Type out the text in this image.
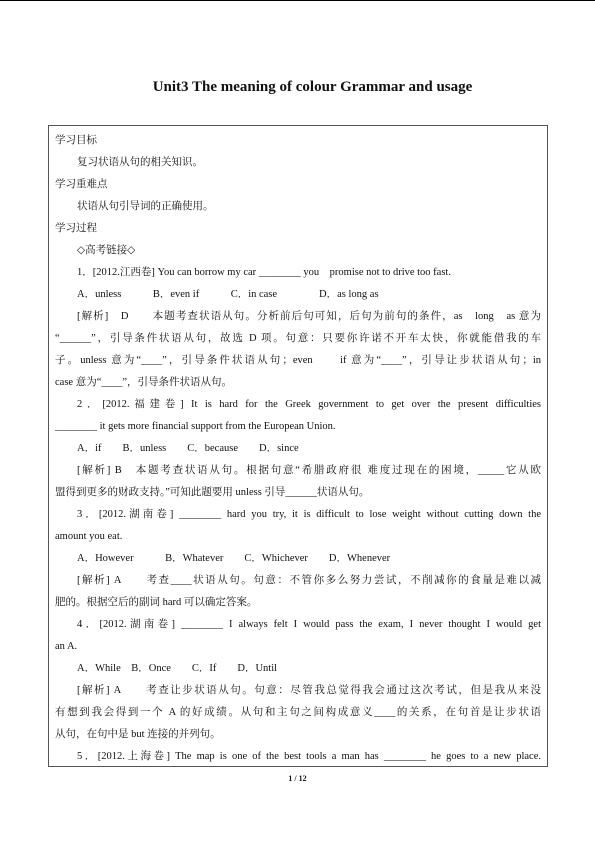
Unit3 The meaning of colour Grammar and usage
学习目标
复习状语从句的相关知识。
学习重难点
状语从句引导词的正确使用。
学习过程
◇高考链接◇
1．[2012.江西卷] You can borrow my car ________ you　promise not to drive too fast.
A．unless　　　B．even if　　　C．in case　　　　D．as long as
[解析]　D　　本题考查状语从句。分析前后句可知，后句为前句的条件，as　long　as 意为
“______”，引导条件状语从句，故选 D 项。句意：只要你许诺不开车太快，你就能借我的车
子。unless 意为“____”，引导条件状语从句；even　　if 意为“____”，引导让步状语从句；in
case 意为“____”，引导条件状语从句。
2．[2012.福建卷] It is hard for the Greek government to get over the present difficulties
________ it gets more financial support from the European Union.
A．if　　B．unless　　C．because　　D．since
[解析] B　本题考查状语从句。根据句意“希腊政府很 难度过现在的困境，_____它从欧
盟得到更多的财政支持。”可知此题要用 unless 引导______状语从句。
3．[2012.湖南卷] ________ hard you try, it is difficult to lose weight without cutting down the
amount you eat.
A．However　　　B．Whatever　　C．Whichever　　D．Whenever
[解析] A　　考查____状语从句。句意：不管你多么努力尝试，不削减你的食量是难以减
肥的。根据空后的副词 hard 可以确定答案。
4．[2012.湖南卷] ________ I always felt I would pass the exam, I never thought I would get
an A.
A．While　B．Once　　C．If　　D．Until
[解析] A　　考查让步状语从句。句意：尽管我总觉得我会通过这次考试，但是我从来没
有想到我会得到一个 A 的好成绩。从句和主句之间构成意义____的关系，在句首是让步状语
从句，在句中是 but 连接的并列句。
5．[2012.上海卷] The map is one of the best tools a man has ________ he goes to a new place.
1 / 12
